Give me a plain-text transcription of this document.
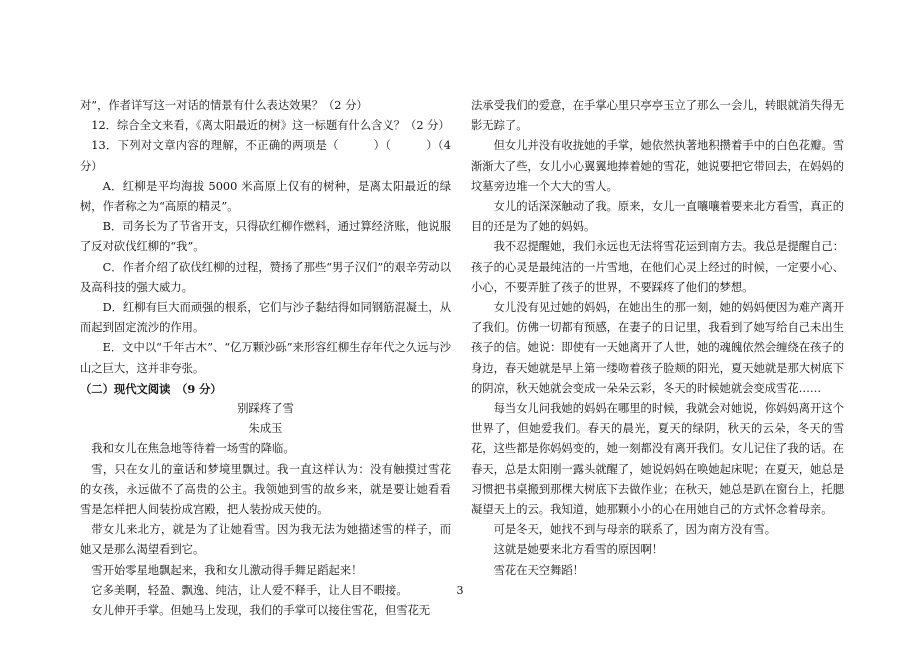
对”，作者详写这一对话的情景有什么表达效果？（2 分）

12．综合全文来看，《离太阳最近的树》这一标题有什么含义？（2 分）

13．下列对文章内容的理解，不正确的两项是（　　　）（　　　）（4分）

A．红柳是平均海拔 5000 米高原上仅有的树种，是离太阳最近的绿树，作者称之为“高原的精灵”。

B．司务长为了节省开支，只得砍红柳作燃料，通过算经济账，他说服了反对砍伐红柳的“我”。

C．作者介绍了砍伐红柳的过程，赞扬了那些“男子汉们”的艰辛劳动以及高科技的强大威力。

D．红柳有巨大而顽强的根系，它们与沙子黏结得如同钢筋混凝土，从而起到固定流沙的作用。

E．文中以“千年古木”、“亿万颗沙砾”来形容红柳生存年代之久远与沙山之巨大，这并非夸张。

（二）现代文阅读　（9 分）

别踩疼了雪

朱成玉

我和女儿在焦急地等待着一场雪的降临。

雪，只在女儿的童话和梦境里飘过。我一直这样认为：没有触摸过雪花的女孩，永远做不了高贵的公主。我领她到雪的故乡来，就是要让她看看雪是怎样把人间装扮成宫殿，把人装扮成天使的。

带女儿来北方，就是为了让她看雪。因为我无法为她描述雪的样子，而她又是那么渴望看到它。

雪开始零星地飘起来，我和女儿激动得手舞足蹈起来！

它多美啊，轻盈、飘逸、纯洁，让人爱不释手，让人目不暇接。

女儿伸开手掌。但她马上发现，我们的手掌可以接住雪花，但雪花无

法承受我们的爱意，在手掌心里只亭亭玉立了那么一会儿，转眼就消失得无影无踪了。

但女儿并没有收拢她的手掌，她依然执著地积攒着手中的白色花瓣。雪渐渐大了些，女儿小心翼翼地捧着她的雪花，她说要把它带回去，在妈妈的坟墓旁边堆一个大大的雪人。

女儿的话深深触动了我。原来，女儿一直嚷嚷着要来北方看雪，真正的目的还是为了她的妈妈。

我不忍提醒她，我们永远也无法将雪花运到南方去。我总是提醒自己：孩子的心灵是最纯洁的一片雪地，在他们心灵上经过的时候，一定要小心、小心，不要弄脏了孩子的世界，不要踩疼了他们的梦想。

女儿没有见过她的妈妈，在她出生的那一刻，她的妈妈便因为难产离开了我们。仿佛一切都有预感，在妻子的日记里，我看到了她写给自己未出生孩子的信。她说：即使有一天她离开了人世，她的魂魄依然会缠绕在孩子的身边，春天她就是早上第一缕吻着孩子脸颊的阳光，夏天她就是那大树底下的阴凉，秋天她就会变成一朵朵云彩，冬天的时候她就会变成雪花……

每当女儿问我她的妈妈在哪里的时候，我就会对她说，你妈妈离开这个世界了，但她爱我们。春天的晨光，夏天的绿阴，秋天的云朵，冬天的雪花，这些都是你妈妈变的，她一刻都没有离开我们。女儿记住了我的话。在春天，总是太阳刚一露头就醒了，她说妈妈在唤她起床呢；在夏天，她总是习惯把书桌搬到那棵大树底下去做作业；在秋天，她总是趴在窗台上，托腮凝望天上的云。我知道，她那颗小小的心在用她自己的方式怀念着母亲。

可是冬天，她找不到与母亲的联系了，因为南方没有雪。

这就是她要来北方看雪的原因啊！

雪花在天空舞蹈！

3
